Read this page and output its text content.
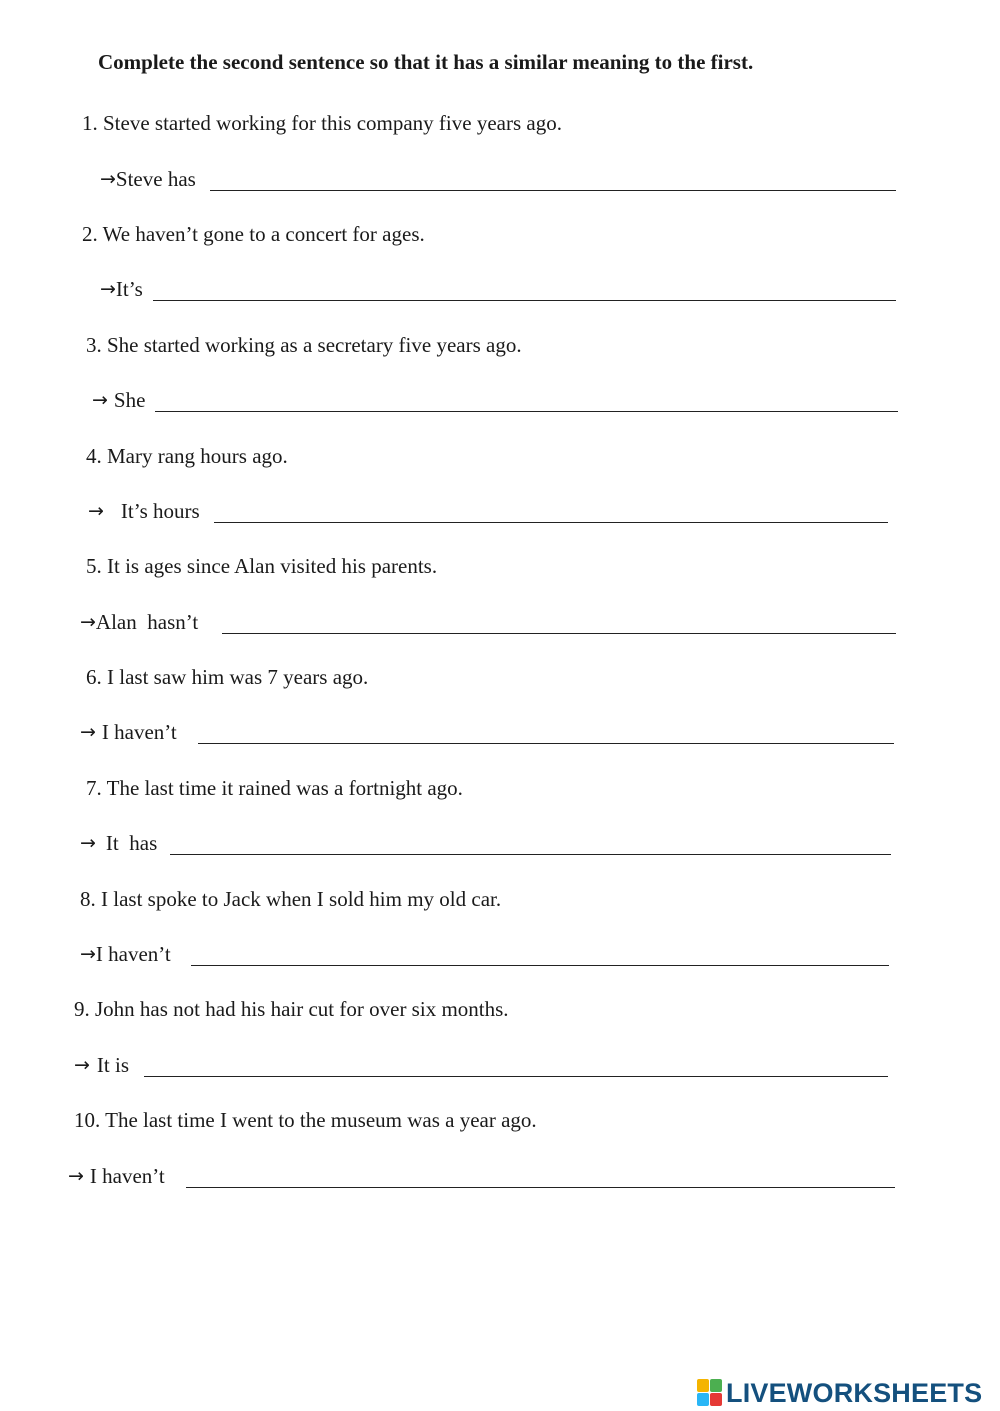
Complete the second sentence so that it has a similar meaning to the first.
1. Steve started working for this company five years ago.
→ Steve has
2. We haven’t gone to a concert for ages.
→ It’s
3. She started working as a secretary five years ago.
→ She
4. Mary rang hours ago.
→ It’s hours
5. It is ages since Alan visited his parents.
→ Alan  hasn’t
6. I last saw him was 7 years ago.
→ I haven’t
7. The last time it rained was a fortnight ago.
→ It  has
8. I last spoke to Jack when I sold him my old car.
→ I haven’t
9. John has not had his hair cut for over six months.
→ It is
10. The last time I went to the museum was a year ago.
→ I haven’t
LIVEWORKSHEETS
